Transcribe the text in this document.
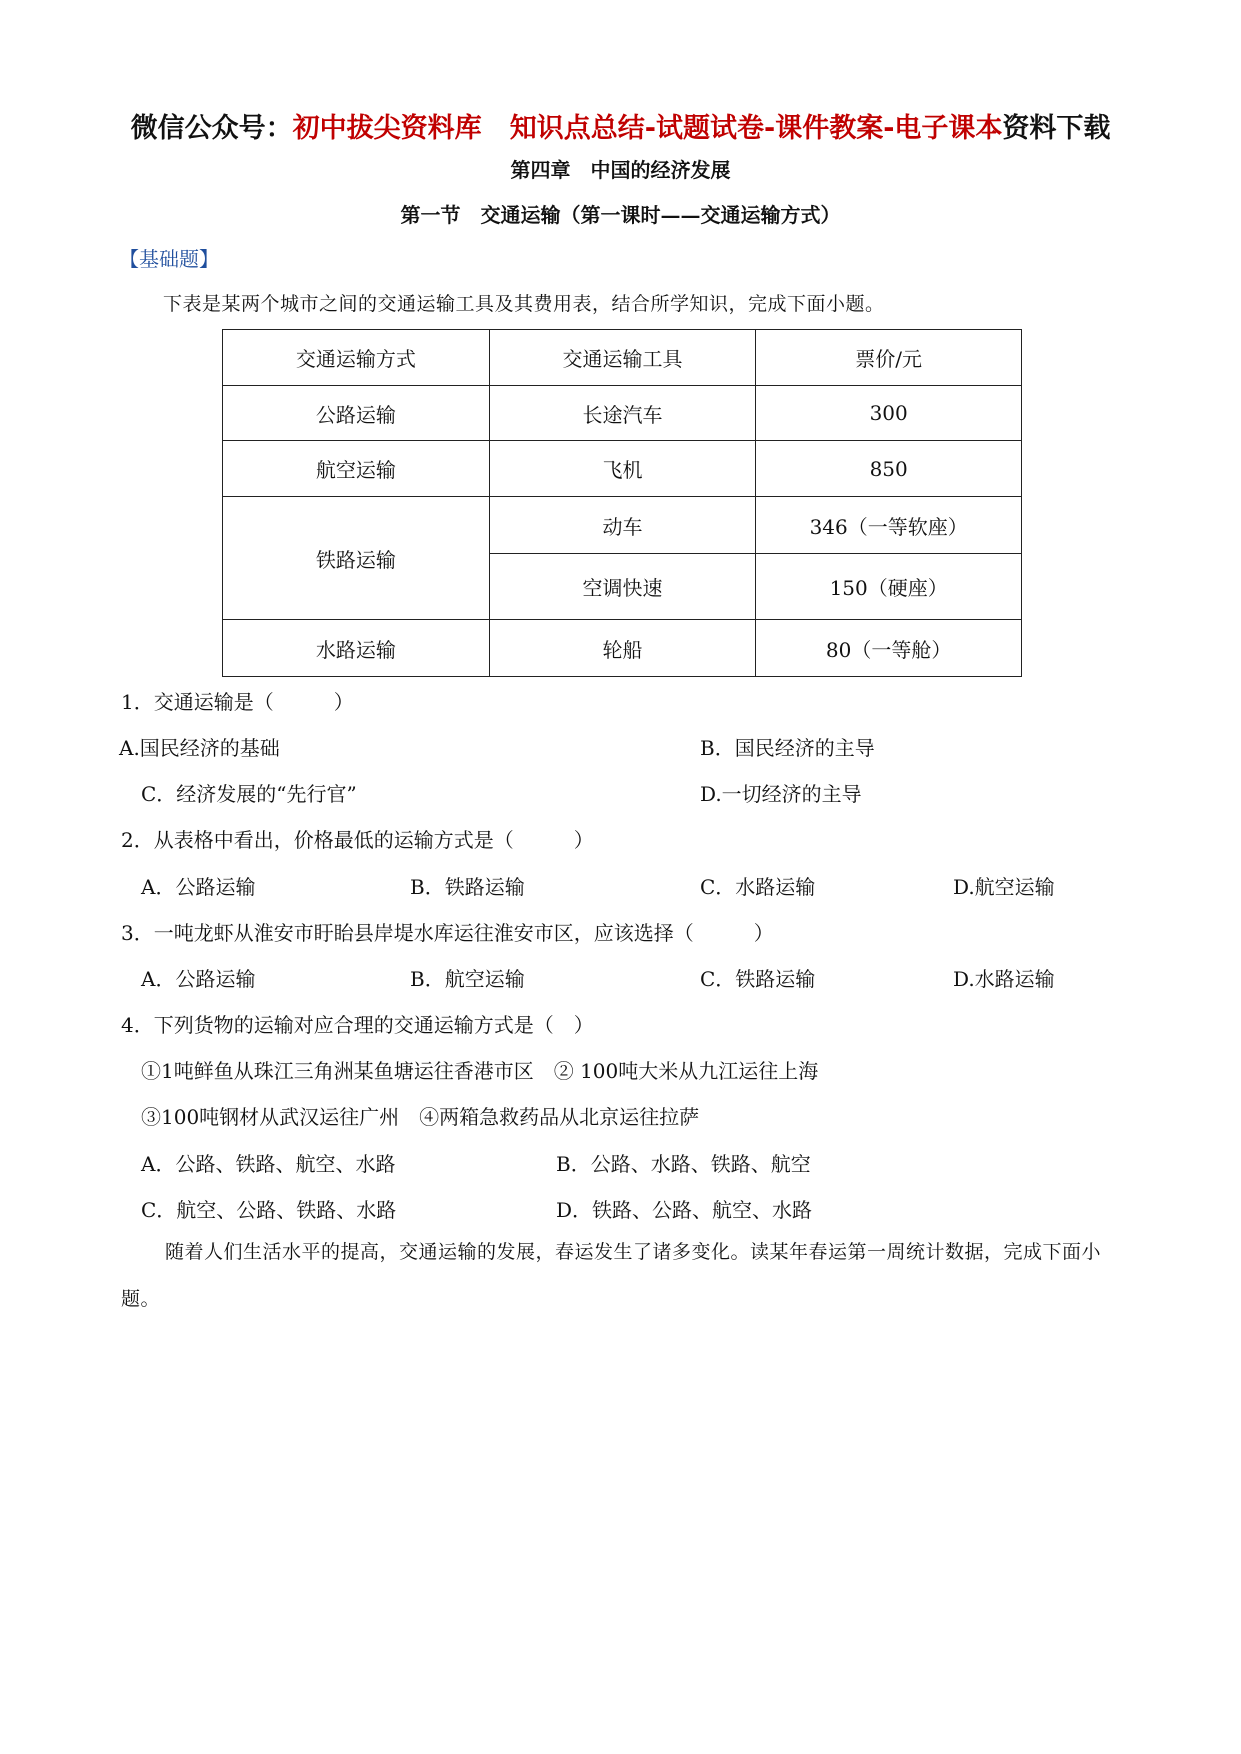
微信公众号：初中拔尖资料库   知识点总结-试题试卷-课件教案-电子课本资料下载
第四章　中国的经济发展
第一节　交通运输（第一课时——交通运输方式）
【基础题】
下表是某两个城市之间的交通运输工具及其费用表，结合所学知识，完成下面小题。
交通运输方式	交通运输工具	票价/元
公路运输	长途汽车	300
航空运输	飞机	850
铁路运输	动车	346（一等软座）
	空调快速	150（硬座）
水路运输	轮船	80（一等舱）
1．交通运输是（　　　）
A.国民经济的基础	B．国民经济的主导
C．经济发展的“先行官”	D.一切经济的主导
2．从表格中看出，价格最低的运输方式是（　　　）
A．公路运输	B．铁路运输	C．水路运输	D.航空运输
3．一吨龙虾从淮安市盱眙县岸堤水库运往淮安市区，应该选择（　　　）
A．公路运输	B．航空运输	C．铁路运输	D.水路运输
4．下列货物的运输对应合理的交通运输方式是（　）
①1吨鲜鱼从珠江三角洲某鱼塘运往香港市区　② 100吨大米从九江运往上海
③100吨钢材从武汉运往广州　④两箱急救药品从北京运往拉萨
A．公路、铁路、航空、水路	B．公路、水路、铁路、航空
C．航空、公路、铁路、水路	D．铁路、公路、航空、水路
随着人们生活水平的提高，交通运输的发展，春运发生了诸多变化。读某年春运第一周统计数据，完成下面小题。
